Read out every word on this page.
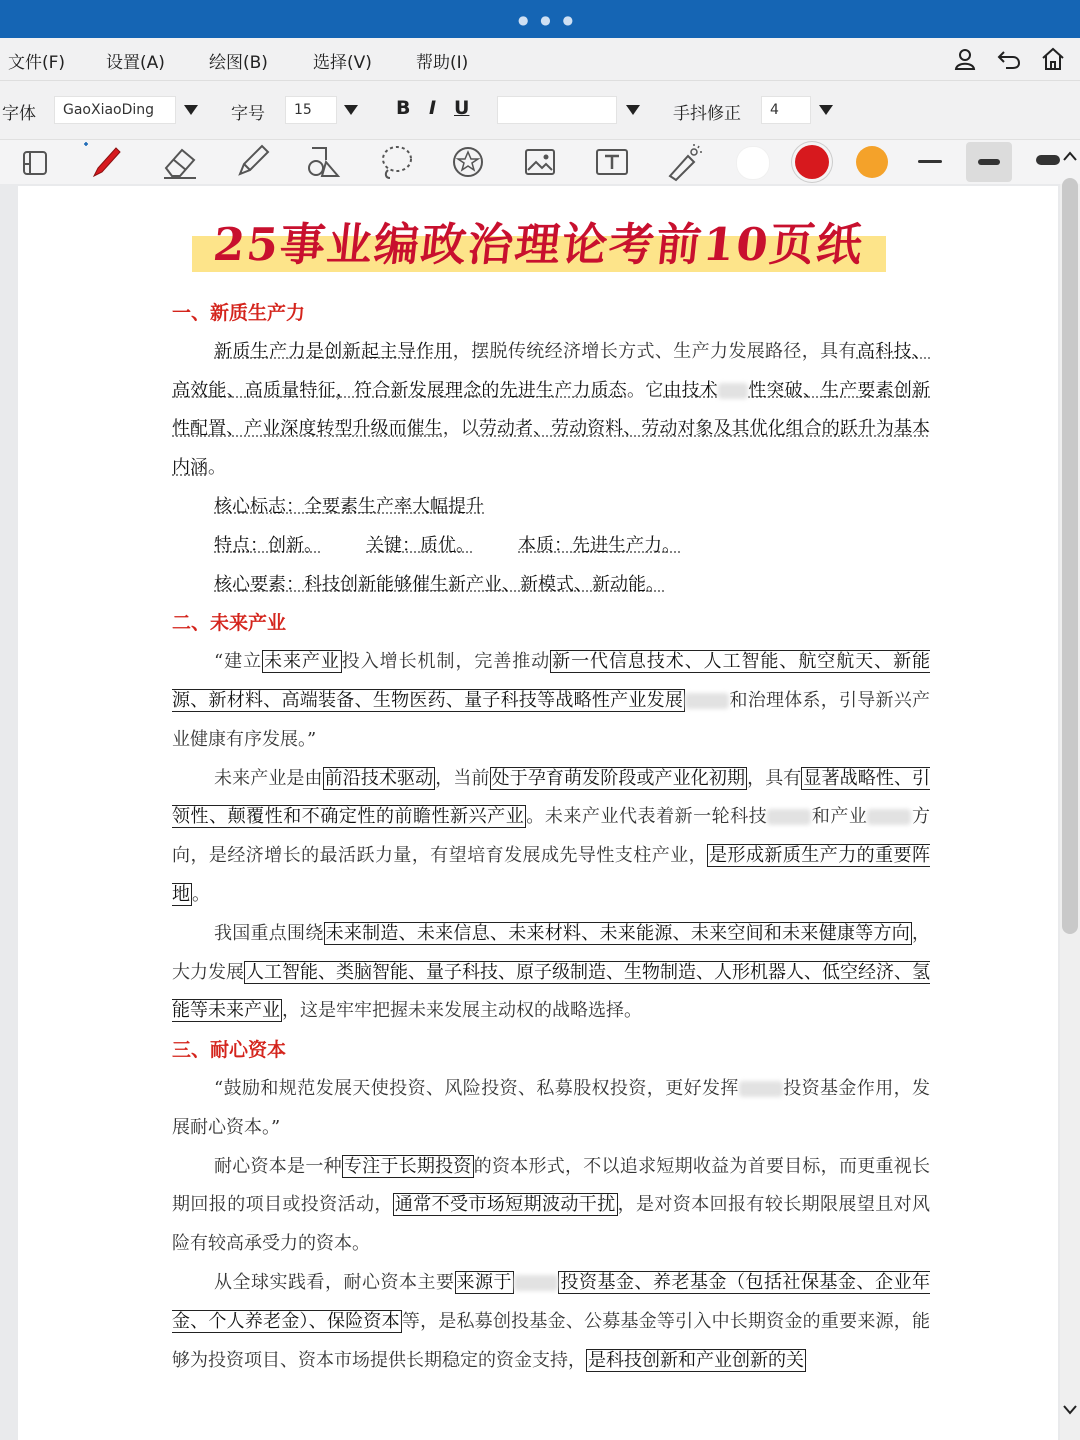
● ● ●
文件(F) 设置(A)	绘图(B)	选择(V)	帮助(I)
字体	GaoXiaoDing	字号	15	B I U	手抖修正	4
25事业编政治理论考前10页纸

一、新质生产力

新质生产力是创新起主导作用，摆脱传统经济增长方式、生产力发展路径，具有高科技、高效能、高质量特征，符合新发展理念的先进生产力质态。它由技术 性突破、生产要素创新性配置、产业深度转型升级而催生，以劳动者、劳动资料、劳动对象及其优化组合的跃升为基本内涵。

核心标志：全要素生产率大幅提升

特点：创新。 关键：质优。 本质：先进生产力。

核心要素：科技创新能够催生新产业、新模式、新动能。

二、未来产业

“建立 未来产业 投入增长机制，完善推动 新一代信息技术、人工智能、航空航天、新能源、新材料、高端装备、生物医药、量子科技等战略性产业发展	和治理体系，引导新兴产业健康有序发展。”

未来产业是由 前沿技术驱动 ，当前 处于孕育萌发阶段或产业化初期 ，具有 显著战略性、引领性、颠覆性和不确定性的前瞻性新兴产业 。未来产业代表着新一轮科技 和产业 方向，是经济增长的最活跃力量，有望培育发展成先导性支柱产业， 是形成新质生产力的重要阵地 。

我国重点围绕 未来制造、未来信息、未来材料、未来能源、未来空间和未来健康等方向 ，大力发展 人工智能、类脑智能、量子科技、原子级制造、生物制造、人形机器人、低空经济、氢能等未来产业 ，这是牢牢把握未来发展主动权的战略选择。

三、耐心资本

“鼓励和规范发展天使投资、风险投资、私募股权投资，更好发挥 投资基金作用，发展耐心资本。”

耐心资本是一种 专注于长期投资 的资本形式，不以追求短期收益为首要目标，而更重视长期回报的项目或投资活动， 通常不受市场短期波动干扰 ，是对资本回报有较长期限展望且对风险有较高承受力的资本。

从全球实践看，耐心资本主要 来源于	投资基金、养老基金（包括社保基金、企业年金、个人养老金）、保险资本 等，是私募创投基金、公募基金等引入中长期资金的重要来源，能够为投资项目、资本市场提供长期稳定的资金支持， 是科技创新和产业创新的关
